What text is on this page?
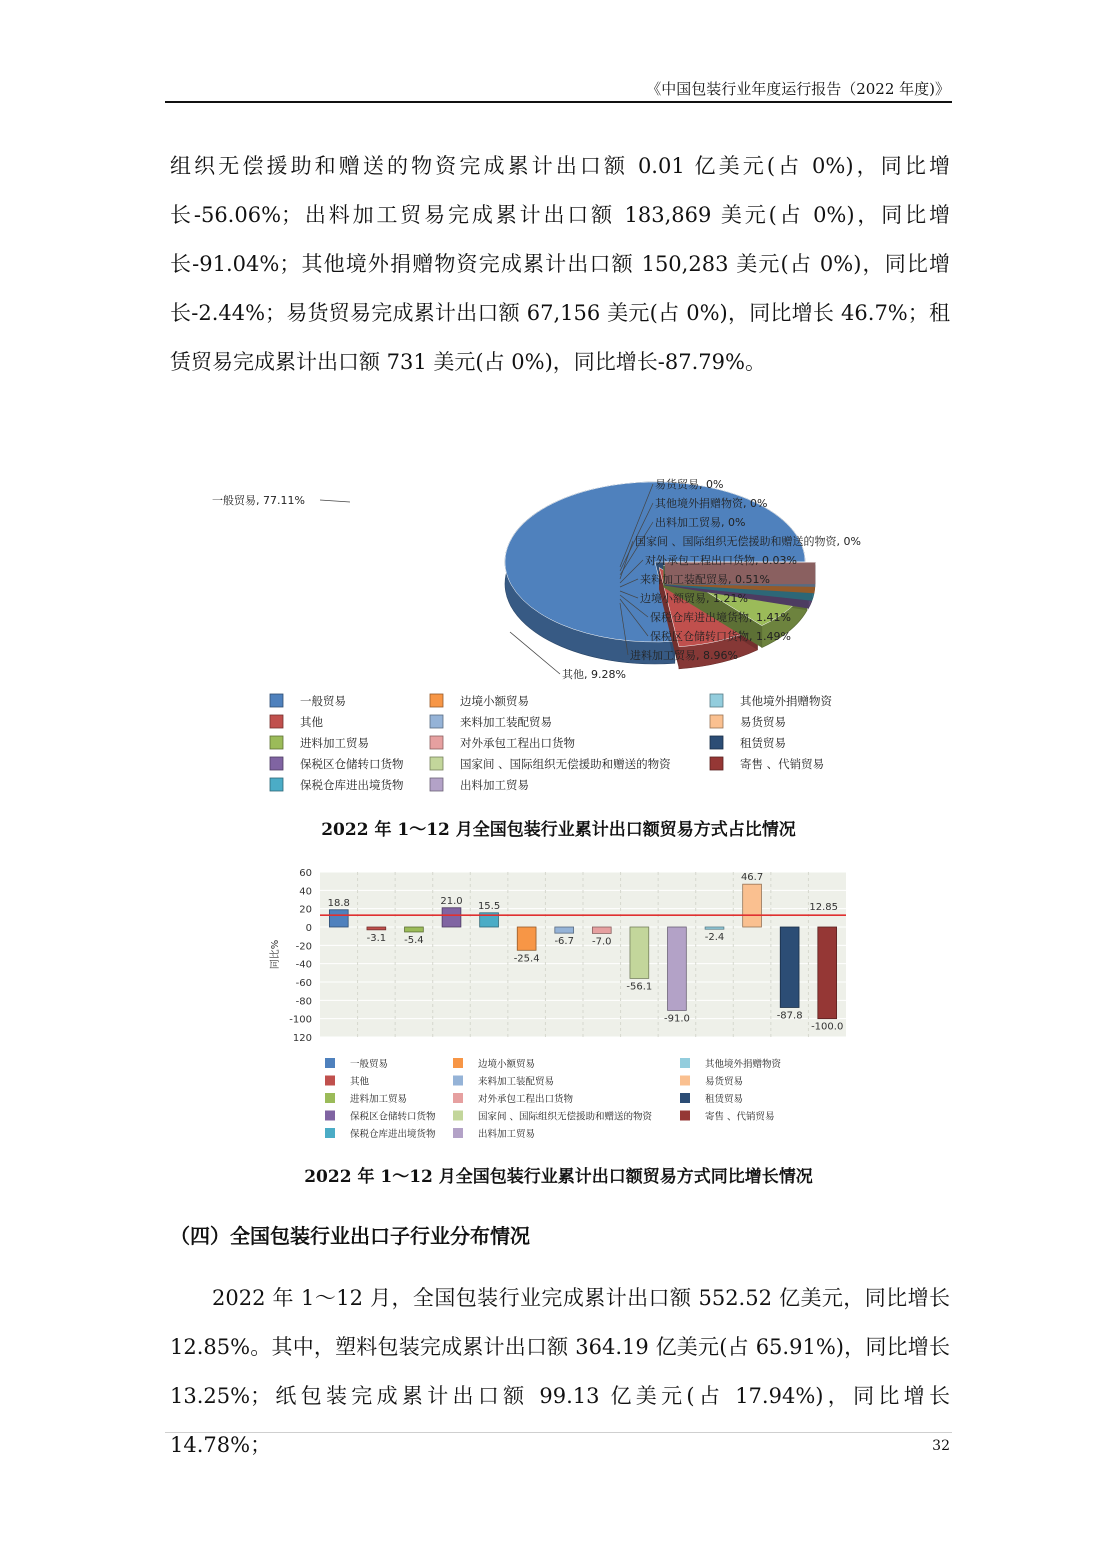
《中国包装行业年度运行报告（2022 年度)》
组织无偿援助和赠送的物资完成累计出口额 0.01 亿美元(占 0%)，同比增长-56.06%；出料加工贸易完成累计出口额 183,869 美元(占 0%)，同比增长-91.04%；其他境外捐赠物资完成累计出口额 150,283 美元(占 0%)，同比增长-2.44%；易货贸易完成累计出口额 67,156 美元(占 0%)，同比增长 46.7%；租赁贸易完成累计出口额 731 美元(占 0%)，同比增长-87.79%。
一般贸易, 77.11%
其他, 9.28%
易货贸易, 0%
其他境外捐赠物资, 0%
出料加工贸易, 0%
国家间 、国际组织无偿援助和赠送的物资, 0%
对外承包工程出口货物, 0.03%
来料加工装配贸易, 0.51%
边境小额贸易, 1.21%
保税仓库进出境货物, 1.41%
保税区仓储转口货物, 1.49%
进料加工贸易, 8.96%
一般贸易
其他
进料加工贸易
保税区仓储转口货物
保税仓库进出境货物
边境小额贸易
来料加工装配贸易
对外承包工程出口货物
国家间 、国际组织无偿援助和赠送的物资
出料加工贸易
其他境外捐赠物资
易货贸易
租赁贸易
寄售 、代销贸易
2022 年 1～12 月全国包装行业累计出口额贸易方式占比情况
60
40
20
0
-20
-40
-60
-80
-100
120
同比%
18.8
-3.1 -5.4
21.0 15.5
-25.4
-6.7 -7.0
-56.1
-91.0
-2.4
46.7
-87.8
-100.0
12.85
一般贸易
其他
进料加工贸易
保税区仓储转口货物
保税仓库进出境货物
边境小额贸易
来料加工装配贸易
对外承包工程出口货物
国家间 、国际组织无偿援助和赠送的物资
出料加工贸易
其他境外捐赠物资
易货贸易
租赁贸易
寄售 、代销贸易
2022 年 1～12 月全国包装行业累计出口额贸易方式同比增长情况
（四）全国包装行业出口子行业分布情况
2022 年 1～12 月，全国包装行业完成累计出口额 552.52 亿美元，同比增长 12.85%。其中，塑料包装完成累计出口额 364.19 亿美元(占 65.91%)，同比增长 13.25%；纸包装完成累计出口额 99.13 亿美元(占 17.94%)，同比增长 14.78%；	32
